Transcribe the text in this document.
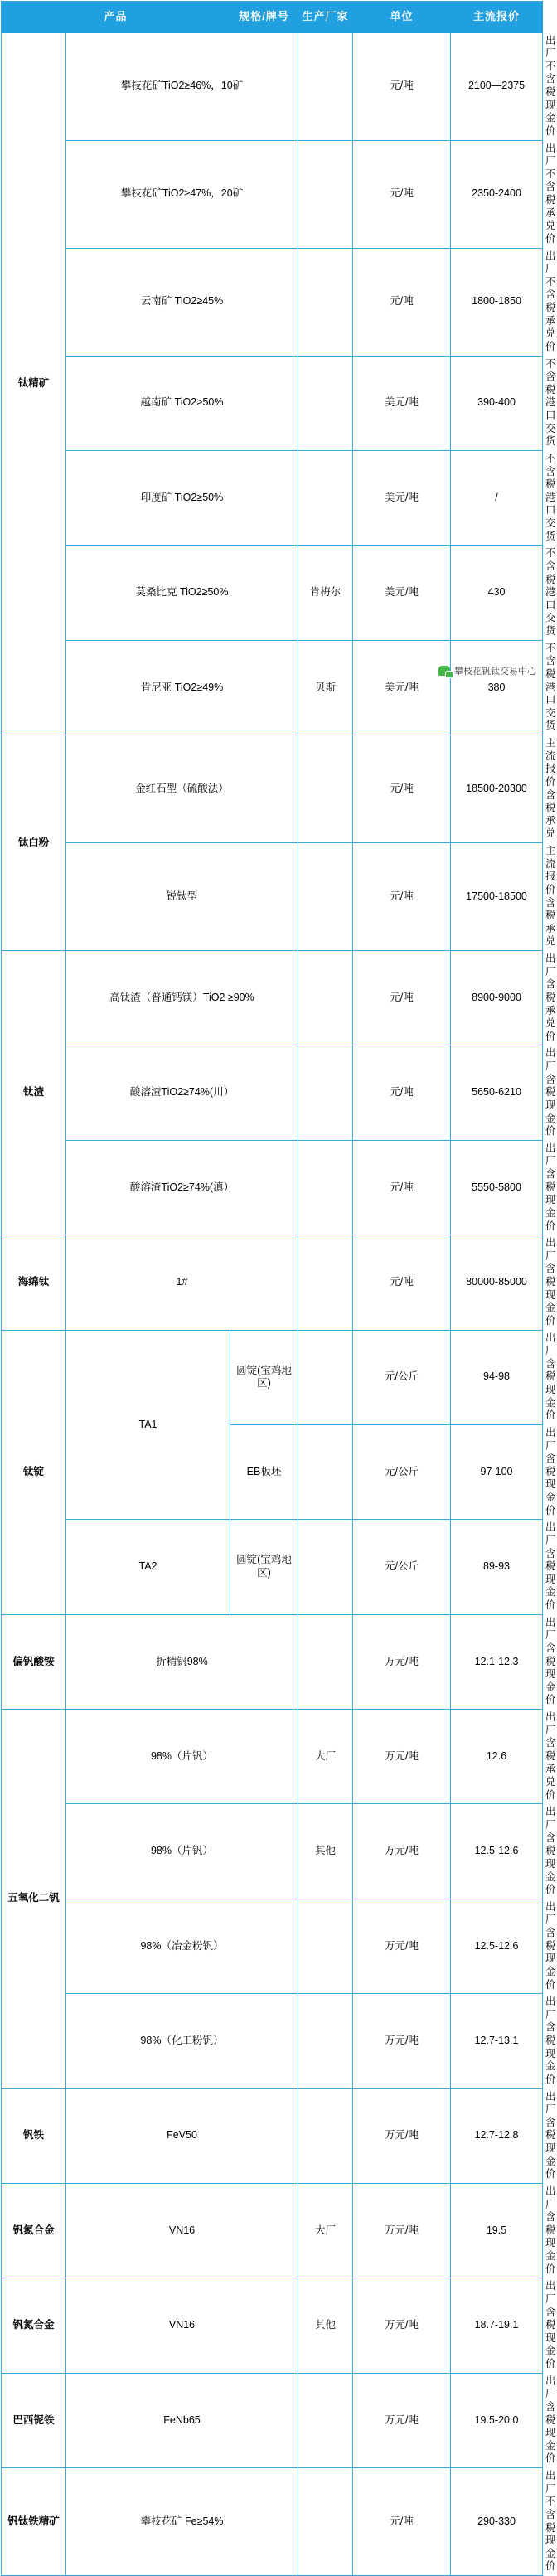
产品		规格/牌号	生产厂家	单位	主流报价	备注
钛精矿	攀枝花矿TiO2≥46%，10矿			元/吨	2100—2375	出厂 不含税现金价
	攀枝花矿TiO2≥47%，20矿			元/吨	2350-2400	出厂 不含税承兑价
	云南矿 TiO2≥45%			元/吨	1800-1850	出厂 不含税承兑价
	越南矿 TiO2>50%			美元/吨	390-400	不含税港口交货
	印度矿 TiO2≥50%			美元/吨	/	不含税港口交货
	莫桑比克 TiO2≥50%		肯梅尔	美元/吨	430	不含税港口交货
	肯尼亚 TiO2≥49%		贝斯	美元/吨	380	不含税港口交货
钛白粉	金红石型（硫酸法）			元/吨	18500-20300	主流报价含税承兑
	锐钛型			元/吨	17500-18500	主流报价含税承兑
钛渣	高钛渣（普通钙镁）TiO2 ≥90%			元/吨	8900-9000	出厂 含税承兑价
	酸溶渣TiO2≥74%(川）			元/吨	5650-6210	出厂 含税现金价
	酸溶渣TiO2≥74%(滇）			元/吨	5550-5800	出厂 含税现金价
海绵钛	1#			元/吨	80000-85000	出厂 含税现金价
钛锭	TA1	圆锭(宝鸡地区)		元/公斤	94-98	出厂 含税现金价
		EB板坯		元/公斤	97-100	出厂 含税现金价
	TA2	圆锭(宝鸡地区)		元/公斤	89-93	出厂 含税现金价
偏钒酸铵	折精钒98%			万元/吨	12.1-12.3	出厂 含税现金价
五氧化二钒	98%（片钒）		大厂	万元/吨	12.6	出厂 含税承兑价
	98%（片钒）		其他	万元/吨	12.5-12.6	出厂 含税现金价
	98%（冶金粉钒）			万元/吨	12.5-12.6	出厂 含税现金价
	98%（化工粉钒）			万元/吨	12.7-13.1	出厂 含税现金价
钒铁	FeV50			万元/吨	12.7-12.8	出厂 含税现金价
钒氮合金	VN16		大厂	万元/吨	19.5	出厂 含税现金价
钒氮合金	VN16		其他	万元/吨	18.7-19.1	出厂 含税现金价
巴西铌铁	FeNb65			万元/吨	19.5-20.0	出厂 含税现金价
钒钛铁精矿	攀枝花矿 Fe≥54%			元/吨	290-330	出厂 不含税现金价
攀枝花钒钛交易中心
